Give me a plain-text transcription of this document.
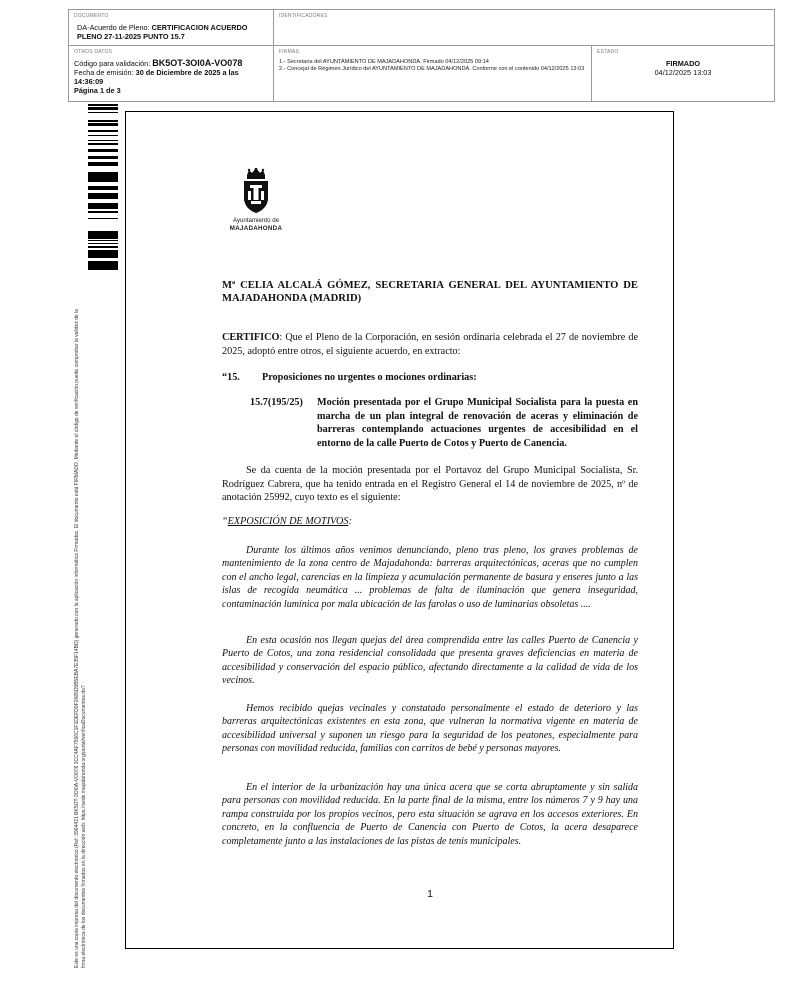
DOCUMENTO
DA-Acuerdo de Pleno: CERTIFICACION ACUERDO PLENO 27-11-2025 PUNTO 15.7
IDENTIFICADORES
OTROS DATOS
Código para validación: BK5OT-3OI0A-VO078
Fecha de emisión: 30 de Diciembre de 2025 a las 14:36:09
Página 1 de 3
FIRMAS
1.- Secretaria del AYUNTAMIENTO DE MAJADAHONDA. Firmado 04/12/2025 09:14
2.- Concejal de Régimen Jurídico del AYUNTAMIENTO DE MAJADAHONDA. Conforme con el contenido 04/12/2025 13:03
ESTADO
FIRMADO
04/12/2025 13:03
Este es una copia impresa del documento electrónico (Ref: 3964421 BK5OT-3OI0A-VO078 3CC4AF7556C1F1DEFD9F2685D9B5EBA7E35F14BD) generado con la aplicación informática Firmadoc. El documento está FIRMADO. Mediante el código de verificación puede comprobar la validez de la firma electrónica de los documentos firmados en la dirección web: https://sede.majadahonda.org/portal/verificaDocumentos.do?
Ayuntamiento de
MAJADAHONDA
Mª CELIA ALCALÁ GÓMEZ, SECRETARIA GENERAL DEL AYUNTAMIENTO DE MAJADAHONDA (MADRID)
CERTIFICO: Que el Pleno de la Corporación, en sesión ordinaria celebrada el 27 de noviembre de 2025, adoptó entre otros, el siguiente acuerdo, en extracto:
“15. Proposiciones no urgentes o mociones ordinarias:
15.7(195/25)	Moción presentada por el Grupo Municipal Socialista para la puesta en marcha de un plan integral de renovación de aceras y eliminación de barreras contemplando actuaciones urgentes de accesibilidad en el entorno de la calle Puerto de Cotos y Puerto de Canencia.
Se da cuenta de la moción presentada por el Portavoz del Grupo Municipal Socialista, Sr. Rodríguez Cabrera, que ha tenido entrada en el Registro General el 14 de noviembre de 2025, nº de anotación 25992, cuyo texto es el siguiente:
“EXPOSICIÓN DE MOTIVOS:
Durante los últimos años venimos denunciando, pleno tras pleno, los graves problemas de mantenimiento de la zona centro de Majadahonda: barreras arquitectónicas, aceras que no cumplen con el ancho legal, carencias en la limpieza y acumulación permanente de basura y enseres junto a las islas de recogida neumática ... problemas de falta de iluminación que genera inseguridad, contaminación lumínica por mala ubicación de las farolas o uso de luminarias obsoletas ....
En esta ocasión nos llegan quejas del área comprendida entre las calles Puerto de Canencia y Puerto de Cotos, una zona residencial consolidada que presenta graves deficiencias en materia de accesibilidad y conservación del espacio público, afectando directamente a la calidad de vida de los vecinos.
Hemos recibido quejas vecinales y constatado personalmente el estado de deterioro y las barreras arquitectónicas existentes en esta zona, que vulneran la normativa vigente en materia de accesibilidad universal y suponen un riesgo para la seguridad de los peatones, especialmente para personas con movilidad reducida, familias con carritos de bebé y personas mayores.
En el interior de la urbanización hay una única acera que se corta abruptamente y sin salida para personas con movilidad reducida. En la parte final de la misma, entre los números 7 y 9 hay una rampa construida por los propios vecinos, pero esta situación se agrava en los accesos exteriores. En concreto, en la confluencia de Puerto de Canencia con Puerto de Cotos, la acera desaparece completamente junto a las instalaciones de las pistas de tenis municipales.
1
